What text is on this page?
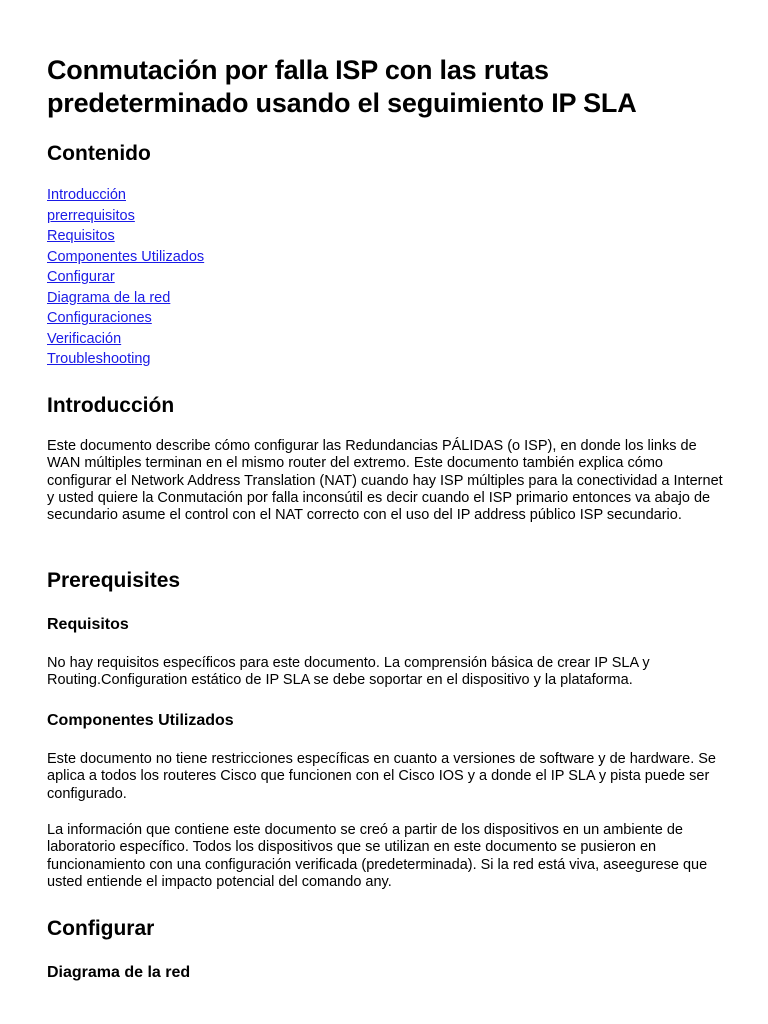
Conmutación por falla ISP con las rutas predeterminado usando el seguimiento IP SLA
Contenido
Introducción
prerrequisitos
Requisitos
Componentes Utilizados
Configurar
Diagrama de la red
Configuraciones
Verificación
Troubleshooting
Introducción

Este documento describe cómo configurar las Redundancias PÁLIDAS (o ISP), en donde los links de WAN múltiples terminan en el mismo router del extremo. Este documento también explica cómo configurar el Network Address Translation (NAT) cuando hay ISP múltiples para la conectividad a Internet y usted quiere la Conmutación por falla inconsútil es decir cuando el ISP primario entonces va abajo de secundario asume el control con el NAT correcto con el uso del IP address público ISP secundario.

Prerequisites
Requisitos

No hay requisitos específicos para este documento. La comprensión básica de crear IP SLA y Routing.Configuration estático de IP SLA se debe soportar en el dispositivo y la plataforma.

Componentes Utilizados

Este documento no tiene restricciones específicas en cuanto a versiones de software y de hardware. Se aplica a todos los routeres Cisco que funcionen con el Cisco IOS y a donde el IP SLA y pista puede ser configurado.

La información que contiene este documento se creó a partir de los dispositivos en un ambiente de laboratorio específico. Todos los dispositivos que se utilizan en este documento se pusieron en funcionamiento con una configuración verificada (predeterminada). Si la red está viva, aseegurese que usted entiende el impacto potencial del comando any.

Configurar
Diagrama de la red
